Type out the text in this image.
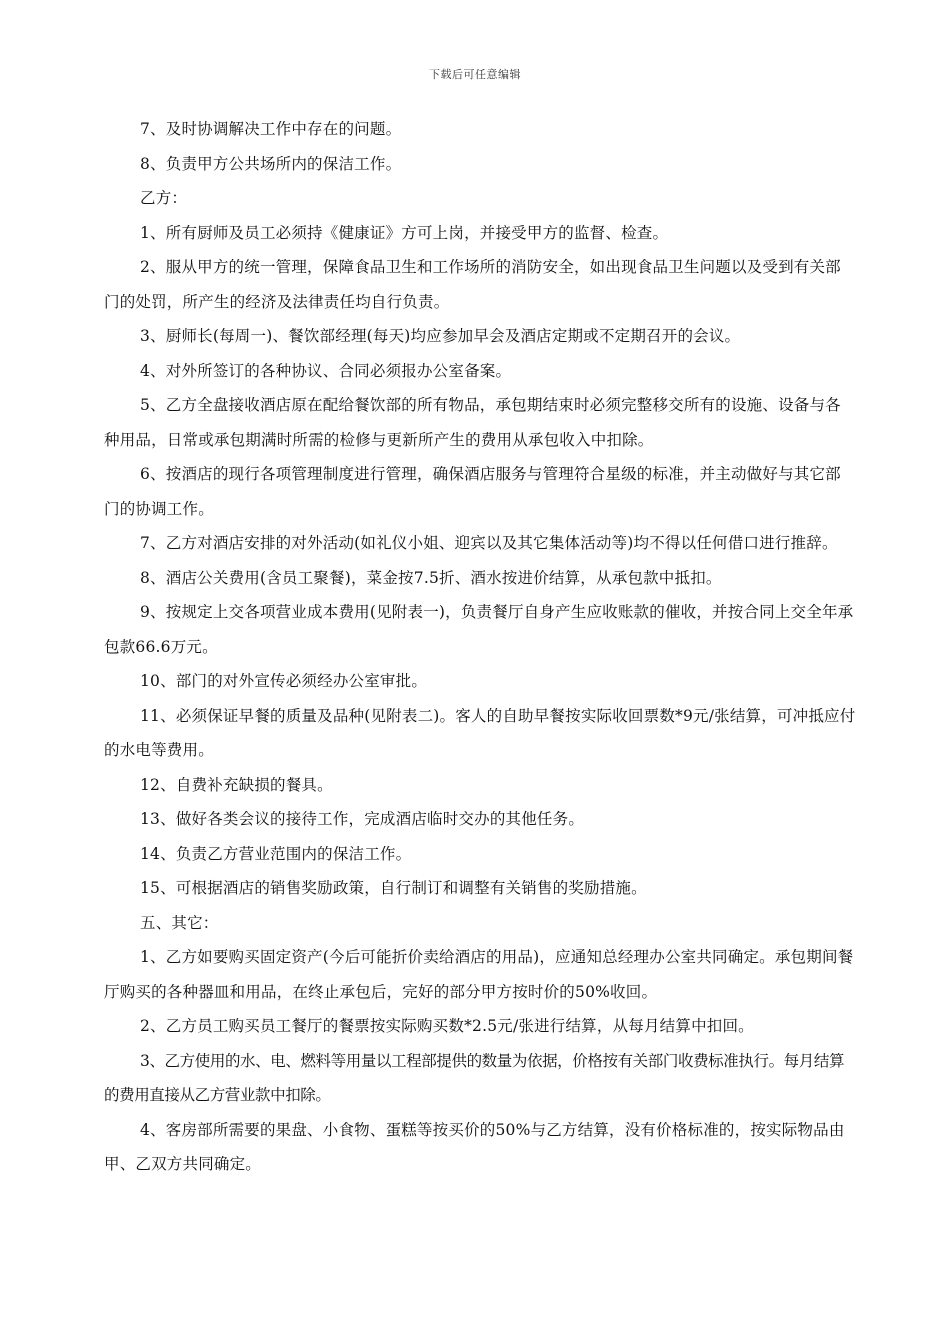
下载后可任意编辑

7、及时协调解决工作中存在的问题。

8、负责甲方公共场所内的保洁工作。

乙方：

1、所有厨师及员工必须持《健康证》方可上岗，并接受甲方的监督、检查。

2、服从甲方的统一管理，保障食品卫生和工作场所的消防安全，如出现食品卫生问题以及受到有关部门的处罚，所产生的经济及法律责任均自行负责。

3、厨师长(每周一)、餐饮部经理(每天)均应参加早会及酒店定期或不定期召开的会议。

4、对外所签订的各种协议、合同必须报办公室备案。

5、乙方全盘接收酒店原在配给餐饮部的所有物品，承包期结束时必须完整移交所有的设施、设备与各种用品，日常或承包期满时所需的检修与更新所产生的费用从承包收入中扣除。

6、按酒店的现行各项管理制度进行管理，确保酒店服务与管理符合星级的标准，并主动做好与其它部门的协调工作。

7、乙方对酒店安排的对外活动(如礼仪小姐、迎宾以及其它集体活动等)均不得以任何借口进行推辞。

8、酒店公关费用(含员工聚餐)，菜金按7.5折、酒水按进价结算，从承包款中抵扣。

9、按规定上交各项营业成本费用(见附表一)，负责餐厅自身产生应收账款的催收，并按合同上交全年承包款66.6万元。

10、部门的对外宣传必须经办公室审批。

11、必须保证早餐的质量及品种(见附表二)。客人的自助早餐按实际收回票数*9元/张结算，可冲抵应付的水电等费用。

12、自费补充缺损的餐具。

13、做好各类会议的接待工作，完成酒店临时交办的其他任务。

14、负责乙方营业范围内的保洁工作。

15、可根据酒店的销售奖励政策，自行制订和调整有关销售的奖励措施。

五、其它：

1、乙方如要购买固定资产(今后可能折价卖给酒店的用品)，应通知总经理办公室共同确定。承包期间餐厅购买的各种器皿和用品，在终止承包后，完好的部分甲方按时价的50%收回。

2、乙方员工购买员工餐厅的餐票按实际购买数*2.5元/张进行结算，从每月结算中扣回。

3、乙方使用的水、电、燃料等用量以工程部提供的数量为依据，价格按有关部门收费标准执行。每月结算的费用直接从乙方营业款中扣除。

4、客房部所需要的果盘、小食物、蛋糕等按买价的50%与乙方结算，没有价格标准的，按实际物品由甲、乙双方共同确定。
